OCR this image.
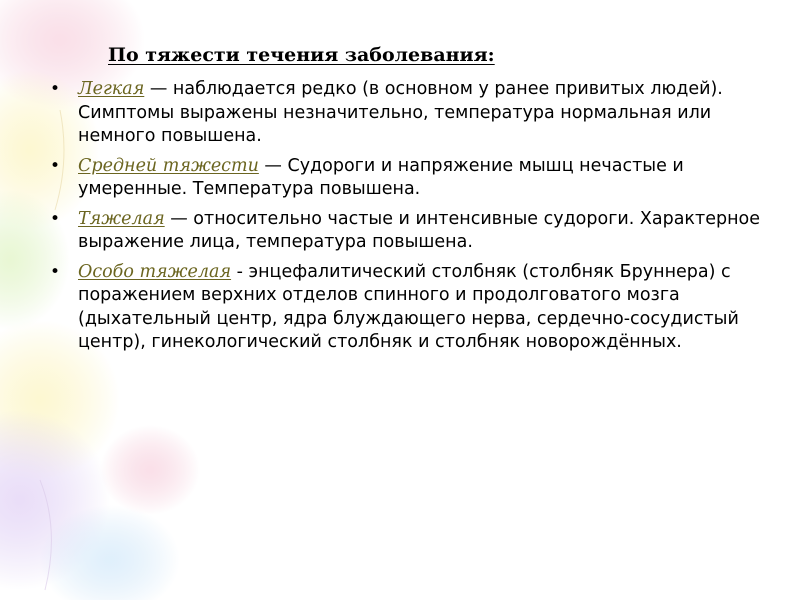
По тяжести течения заболевания:
• Легкая — наблюдается редко (в основном у ранее привитых людей). Симптомы выражены незначительно, температура нормальная или немного повышена.
• Средней тяжести — Судороги и напряжение мышц нечастые и умеренные. Температура повышена.
• Тяжелая — относительно частые и интенсивные судороги. Характерное выражение лица, температура повышена.
• Особо тяжелая - энцефалитический столбняк (столбняк Бруннера) с поражением верхних отделов спинного и продолговатого мозга (дыхательный центр, ядра блуждающего нерва, сердечно-сосудистый центр), гинекологический столбняк и столбняк новорождённых.
